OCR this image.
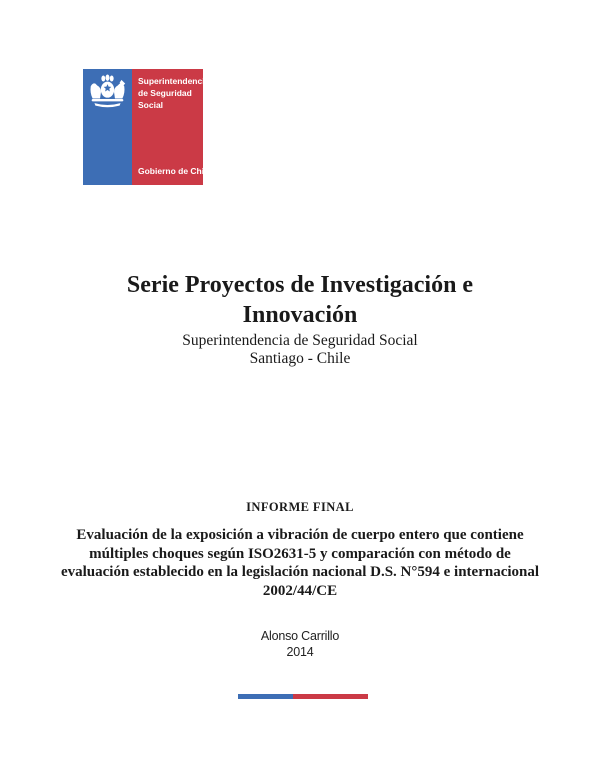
Superintendencia
de Seguridad
Social
Gobierno de Chile
Serie Proyectos de Investigación e
Innovación
Superintendencia de Seguridad Social
Santiago - Chile
INFORME FINAL
Evaluación de la exposición a vibración de cuerpo entero que contiene
múltiples choques según ISO2631-5 y comparación con método de
evaluación establecido en la legislación nacional D.S. N°594 e internacional
2002/44/CE
Alonso Carrillo
2014
